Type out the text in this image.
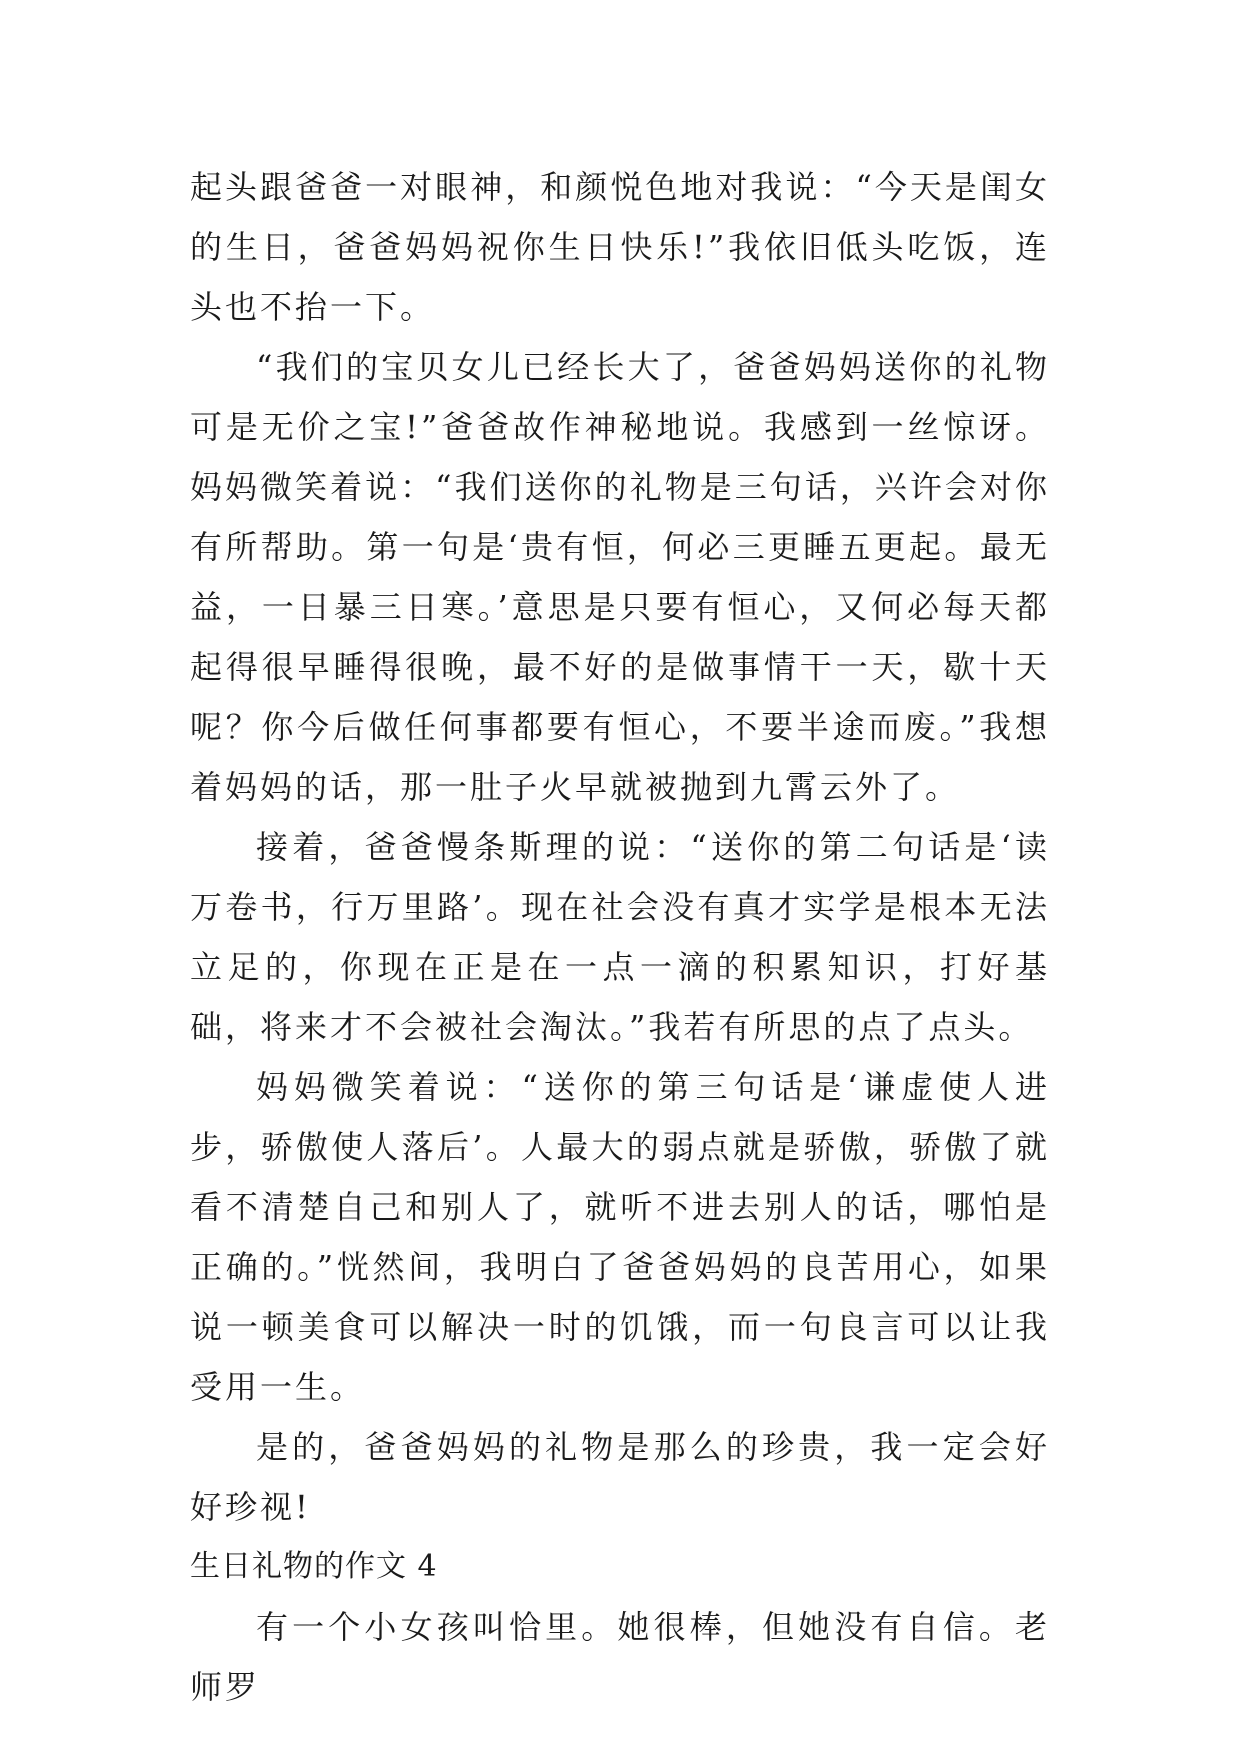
起头跟爸爸一对眼神，和颜悦色地对我说：“今天是闺女的生日，爸爸妈妈祝你生日快乐!”我依旧低头吃饭，连头也不抬一下。

“我们的宝贝女儿已经长大了，爸爸妈妈送你的礼物可是无价之宝!”爸爸故作神秘地说。我感到一丝惊讶。妈妈微笑着说：“我们送你的礼物是三句话，兴许会对你有所帮助。第一句是‘贵有恒，何必三更睡五更起。最无益，一日暴三日寒。’意思是只要有恒心，又何必每天都起得很早睡得很晚，最不好的是做事情干一天，歇十天呢？你今后做任何事都要有恒心，不要半途而废。”我想着妈妈的话，那一肚子火早就被抛到九霄云外了。

接着，爸爸慢条斯理的说：“送你的第二句话是‘读万卷书，行万里路’。现在社会没有真才实学是根本无法立足的，你现在正是在一点一滴的积累知识，打好基础，将来才不会被社会淘汰。”我若有所思的点了点头。

妈妈微笑着说：“送你的第三句话是‘谦虚使人进步，骄傲使人落后’。人最大的弱点就是骄傲，骄傲了就看不清楚自己和别人了，就听不进去别人的话，哪怕是正确的。”恍然间，我明白了爸爸妈妈的良苦用心，如果说一顿美食可以解决一时的饥饿，而一句良言可以让我受用一生。

是的，爸爸妈妈的礼物是那么的珍贵，我一定会好好珍视!

生日礼物的作文 4

有一个小女孩叫恰里。她很棒，但她没有自信。老师罗
